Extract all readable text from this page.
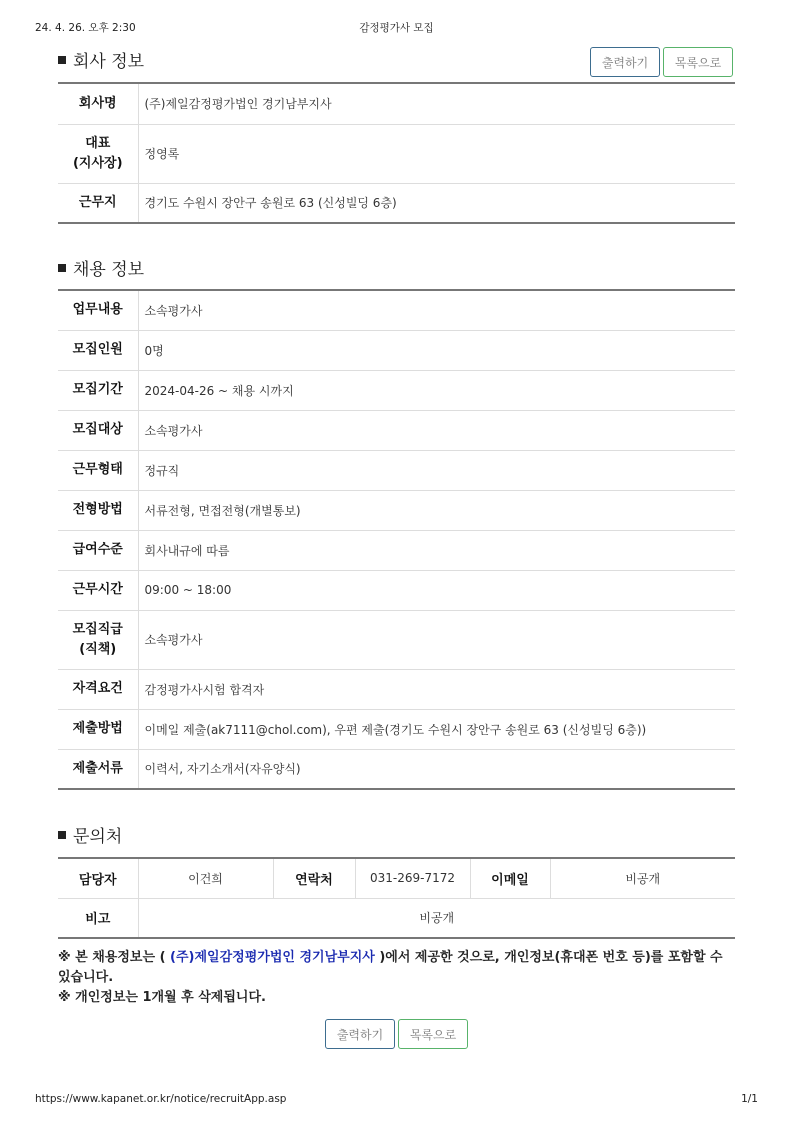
24. 4. 26. 오후 2:30	감정평가사 모집
회사 정보	출력하기	목록으로
회사명	(주)제일감정평가법인 경기남부지사
대표
(지사장)	정영록
근무지	경기도 수원시 장안구 송원로 63 (신성빌딩 6층)
채용 정보
업무내용	소속평가사
모집인원	0명
모집기간	2024-04-26 ~ 채용 시까지
모집대상	소속평가사
근무형태	정규직
전형방법	서류전형, 면접전형(개별통보)
급여수준	회사내규에 따름
근무시간	09:00 ~ 18:00
모집직급
(직책)	소속평가사
자격요건	감정평가사시험 합격자
제출방법	이메일 제출(ak7111@chol.com), 우편 제출(경기도 수원시 장안구 송원로 63 (신성빌딩 6층))
제출서류	이력서, 자기소개서(자유양식)
문의처
담당자	이건희	연락처	031-269-7172	이메일	비공개
비고	비공개				
※ 본 채용정보는 ( (주)제일감정평가법인 경기남부지사 )에서 제공한 것으로, 개인정보(휴대폰 번호 등)를 포함할 수 있습니다.
※ 개인정보는 1개월 후 삭제됩니다.
출력하기	목록으로
https://www.kapanet.or.kr/notice/recruitApp.asp	1/1
